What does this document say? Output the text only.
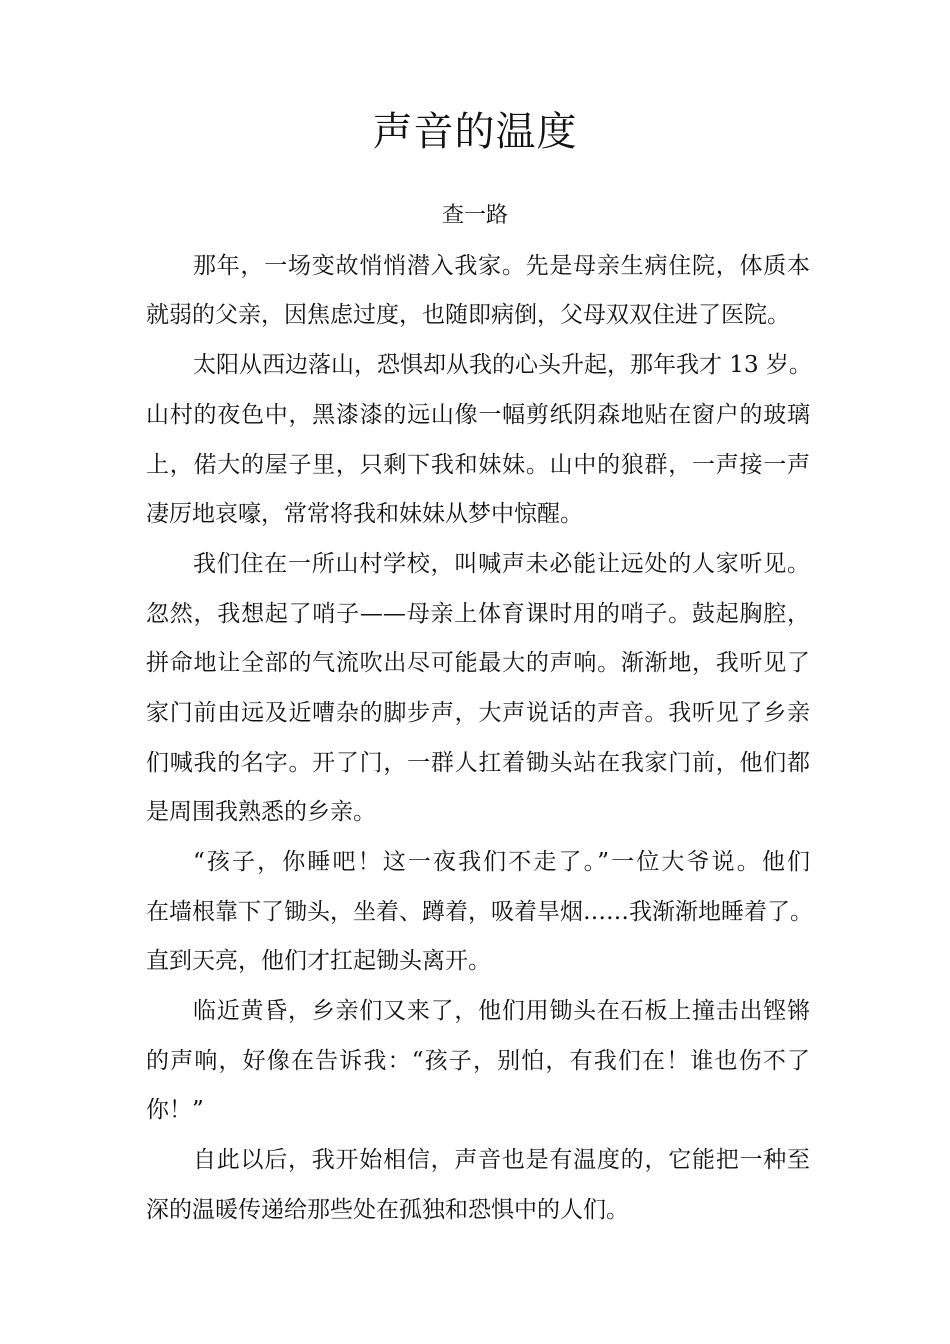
声音的温度

查一路

那年，一场变故悄悄潜入我家。先是母亲生病住院，体质本

就弱的父亲，因焦虑过度，也随即病倒，父母双双住进了医院。

太阳从西边落山，恐惧却从我的心头升起，那年我才 13 岁。

山村的夜色中，黑漆漆的远山像一幅剪纸阴森地贴在窗户的玻璃

上，偌大的屋子里，只剩下我和妹妹。山中的狼群，一声接一声

凄厉地哀嚎，常常将我和妹妹从梦中惊醒。

我们住在一所山村学校，叫喊声未必能让远处的人家听见。

忽然，我想起了哨子——母亲上体育课时用的哨子。鼓起胸腔，

拼命地让全部的气流吹出尽可能最大的声响。渐渐地，我听见了

家门前由远及近嘈杂的脚步声，大声说话的声音。我听见了乡亲

们喊我的名字。开了门，一群人扛着锄头站在我家门前，他们都

是周围我熟悉的乡亲。

“孩子，你睡吧！这一夜我们不走了。”一位大爷说。他们

在墙根靠下了锄头，坐着、蹲着，吸着旱烟……我渐渐地睡着了。

直到天亮，他们才扛起锄头离开。

临近黄昏，乡亲们又来了，他们用锄头在石板上撞击出铿锵

的声响，好像在告诉我：“孩子，别怕，有我们在！谁也伤不了

你！”

自此以后，我开始相信，声音也是有温度的，它能把一种至

深的温暖传递给那些处在孤独和恐惧中的人们。
